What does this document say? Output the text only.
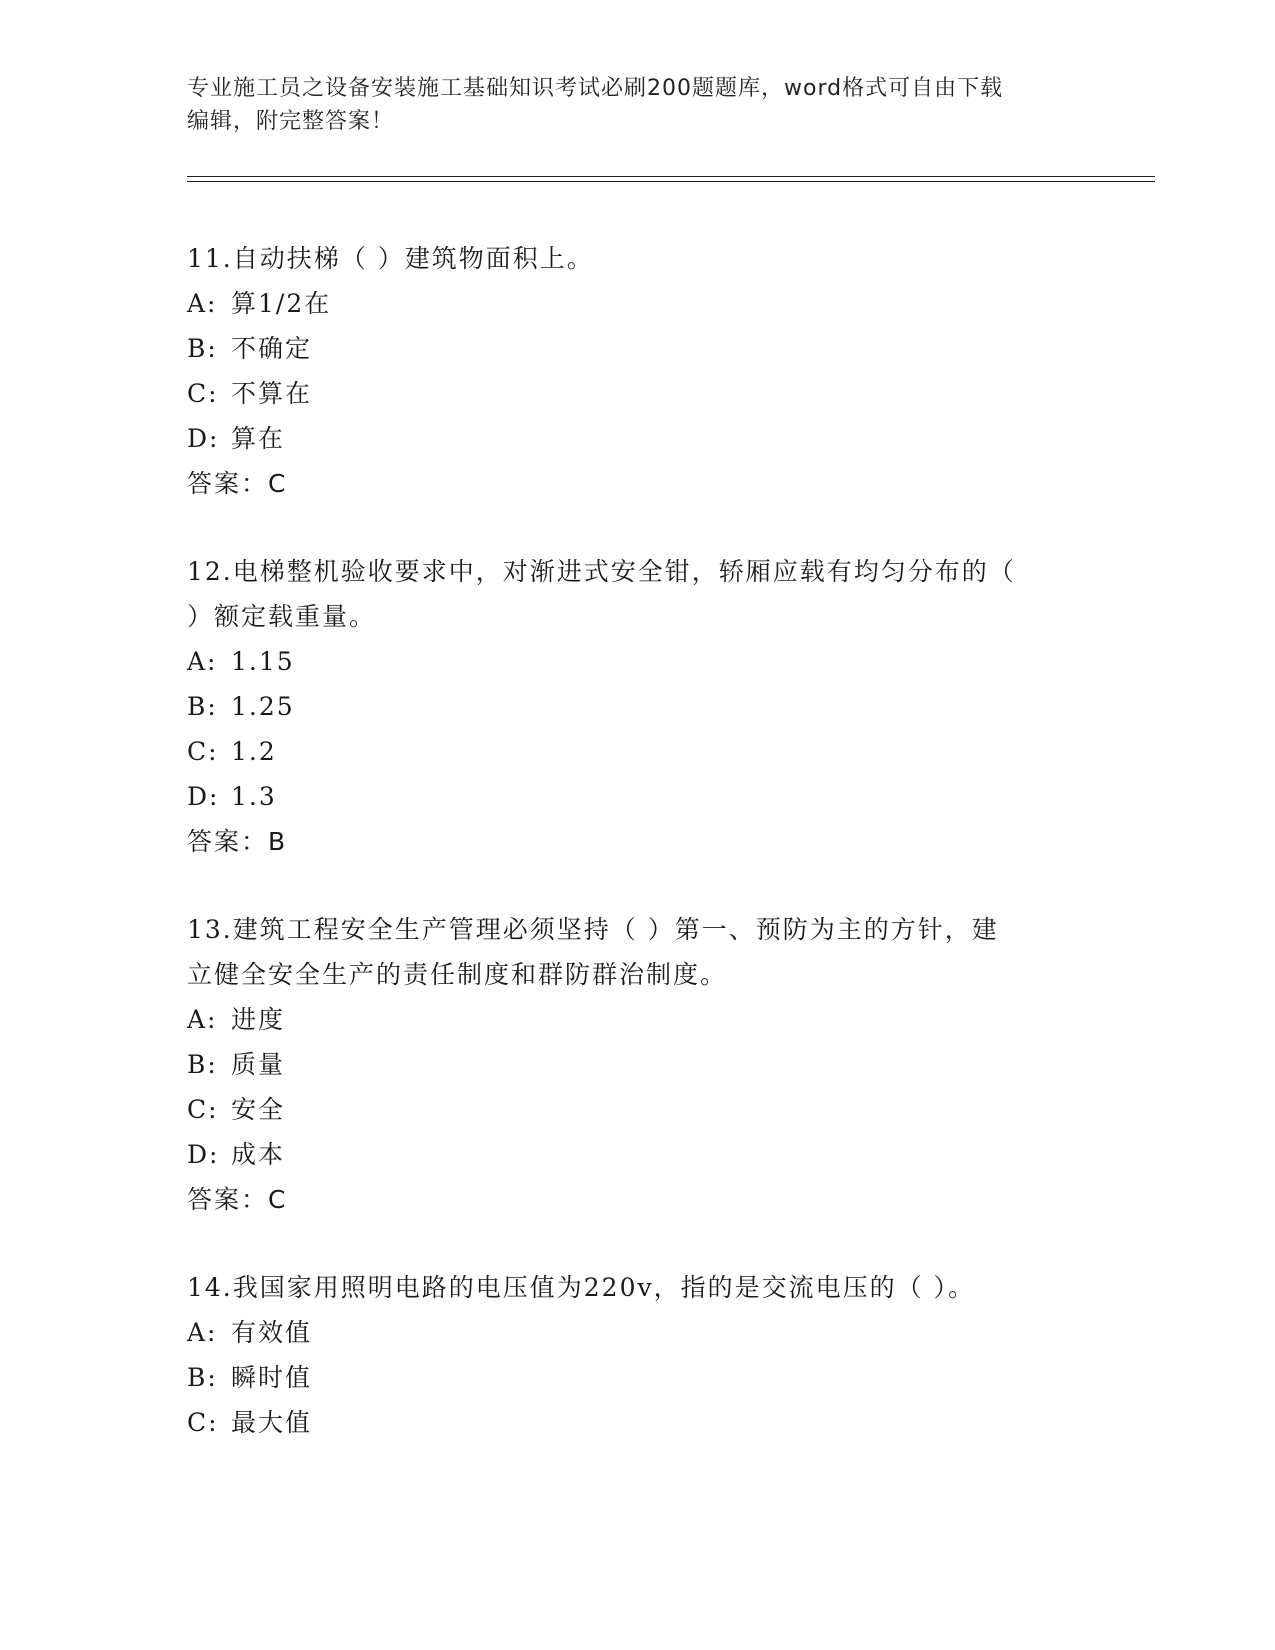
专业施工员之设备安装施工基础知识考试必刷200题题库，word格式可自由下载
编辑，附完整答案！
11.自动扶梯（ ）建筑物面积上。
A: 算1/2在
B: 不确定
C: 不算在
D: 算在
答案：C
12.电梯整机验收要求中，对渐进式安全钳，轿厢应载有均匀分布的（
）额定载重量。
A: 1.15
B: 1.25
C: 1.2
D: 1.3
答案：B
13.建筑工程安全生产管理必须坚持（ ）第一、预防为主的方针，建
立健全安全生产的责任制度和群防群治制度。
A: 进度
B: 质量
C: 安全
D: 成本
答案：C
14.我国家用照明电路的电压值为220v，指的是交流电压的（ ）。
A: 有效值
B: 瞬时值
C: 最大值
